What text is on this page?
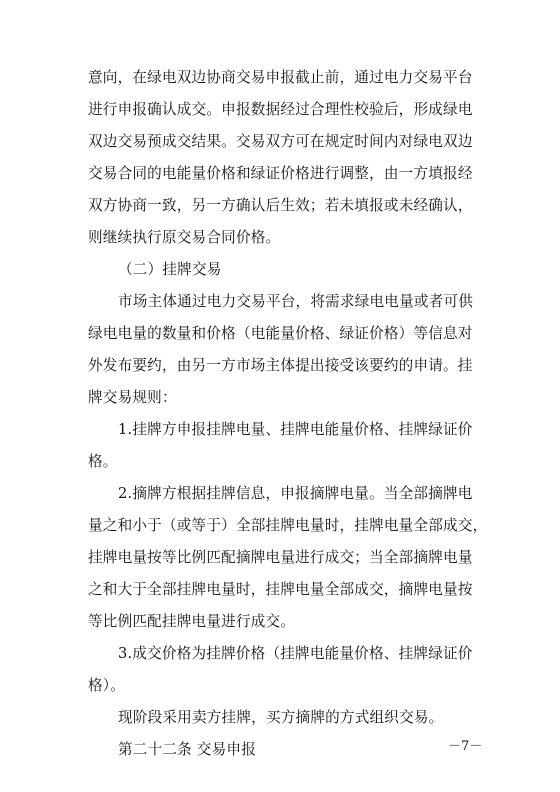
意向，在绿电双边协商交易申报截止前，通过电力交易平台
进行申报确认成交。申报数据经过合理性校验后，形成绿电
双边交易预成交结果。交易双方可在规定时间内对绿电双边
交易合同的电能量价格和绿证价格进行调整，由一方填报经
双方协商一致，另一方确认后生效；若未填报或未经确认，
则继续执行原交易合同价格。
（二）挂牌交易
市场主体通过电力交易平台，将需求绿电电量或者可供
绿电电量的数量和价格（电能量价格、绿证价格）等信息对
外发布要约，由另一方市场主体提出接受该要约的申请。挂
牌交易规则：
1.挂牌方申报挂牌电量、挂牌电能量价格、挂牌绿证价
格。
2.摘牌方根据挂牌信息，申报摘牌电量。当全部摘牌电
量之和小于（或等于）全部挂牌电量时，挂牌电量全部成交，
挂牌电量按等比例匹配摘牌电量进行成交；当全部摘牌电量
之和大于全部挂牌电量时，挂牌电量全部成交，摘牌电量按
等比例匹配挂牌电量进行成交。
3.成交价格为挂牌价格（挂牌电能量价格、挂牌绿证价
格）。
现阶段采用卖方挂牌，买方摘牌的方式组织交易。
第二十二条 交易申报	－7－
